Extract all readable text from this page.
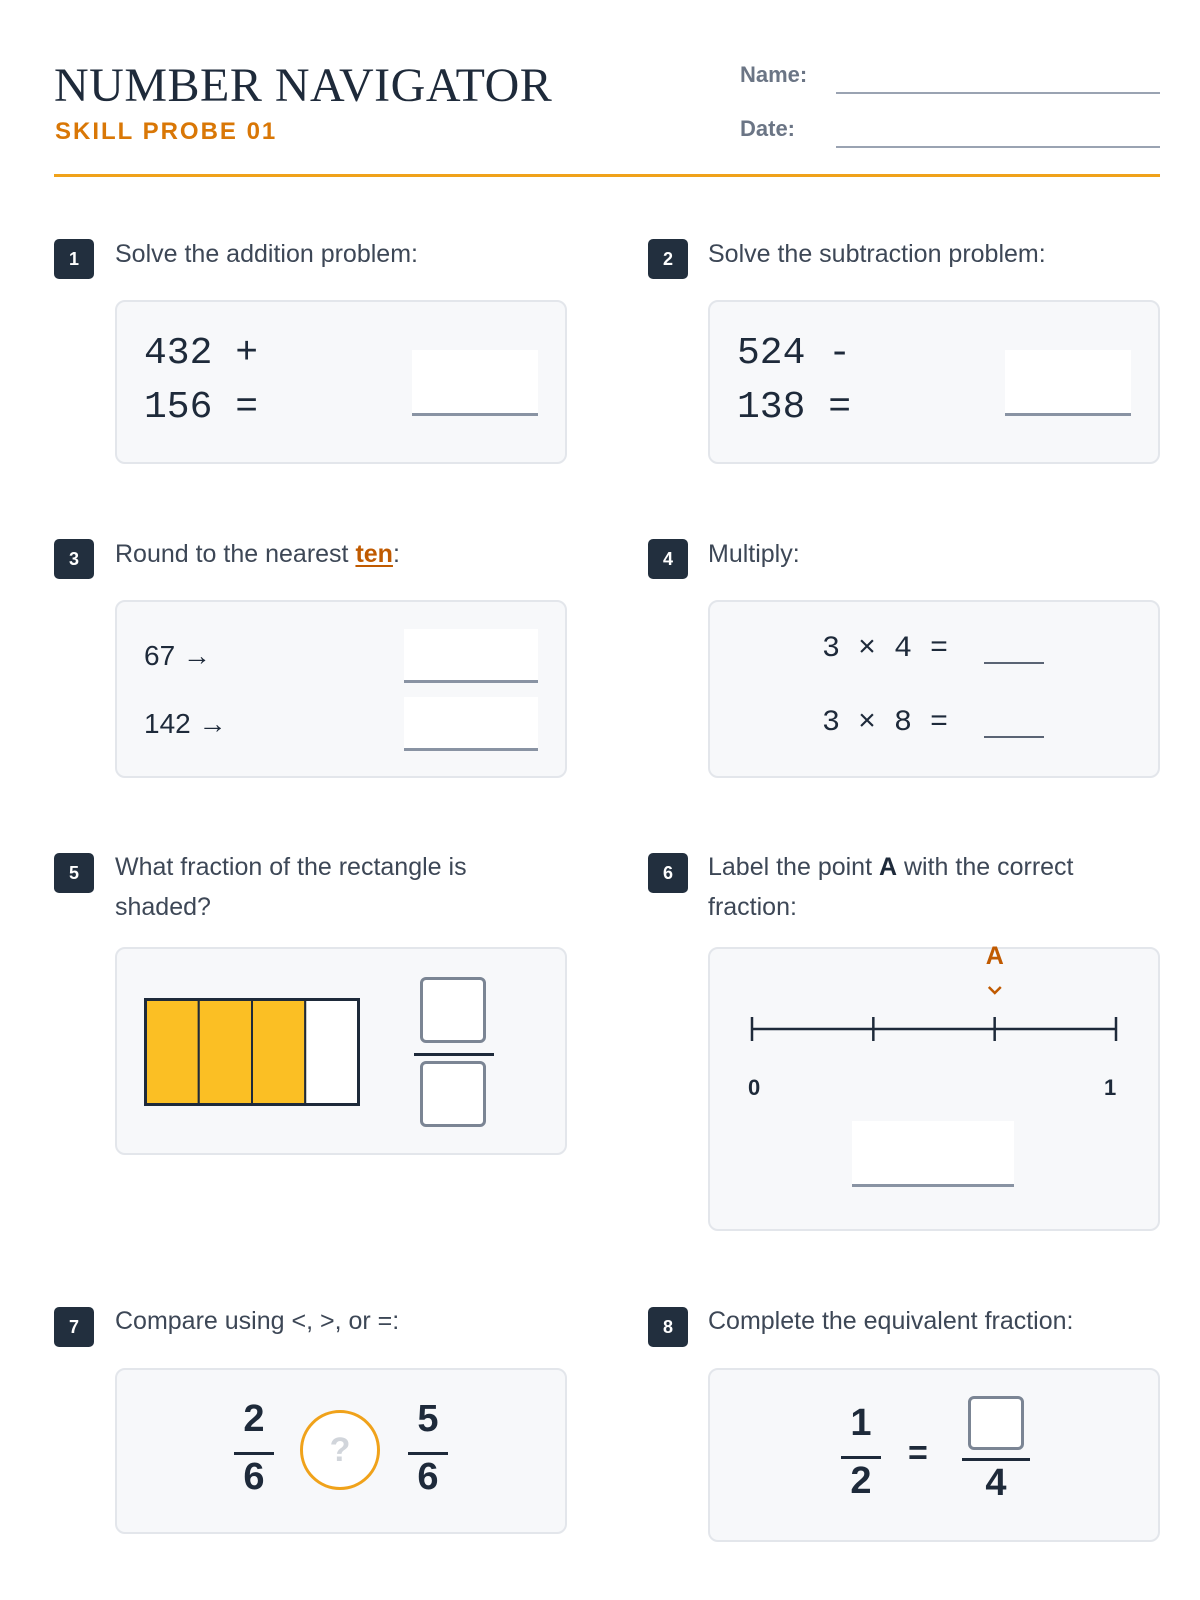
NUMBER NAVIGATOR
SKILL PROBE 01
Name:
Date:
1	Solve the addition problem:
432 +
156 =
2	Solve the subtraction problem:
524 -
138 =
3	Round to the nearest ten:
67 →
142 →
4	Multiply:
3 × 4 =
3 × 8 =
5	What fraction of the rectangle is shaded?
6	Label the point A with the correct fraction:
A
0	1
7	Compare using <, >, or =:
2
6
?
5
6
8	Complete the equivalent fraction:
1
2
=
4
